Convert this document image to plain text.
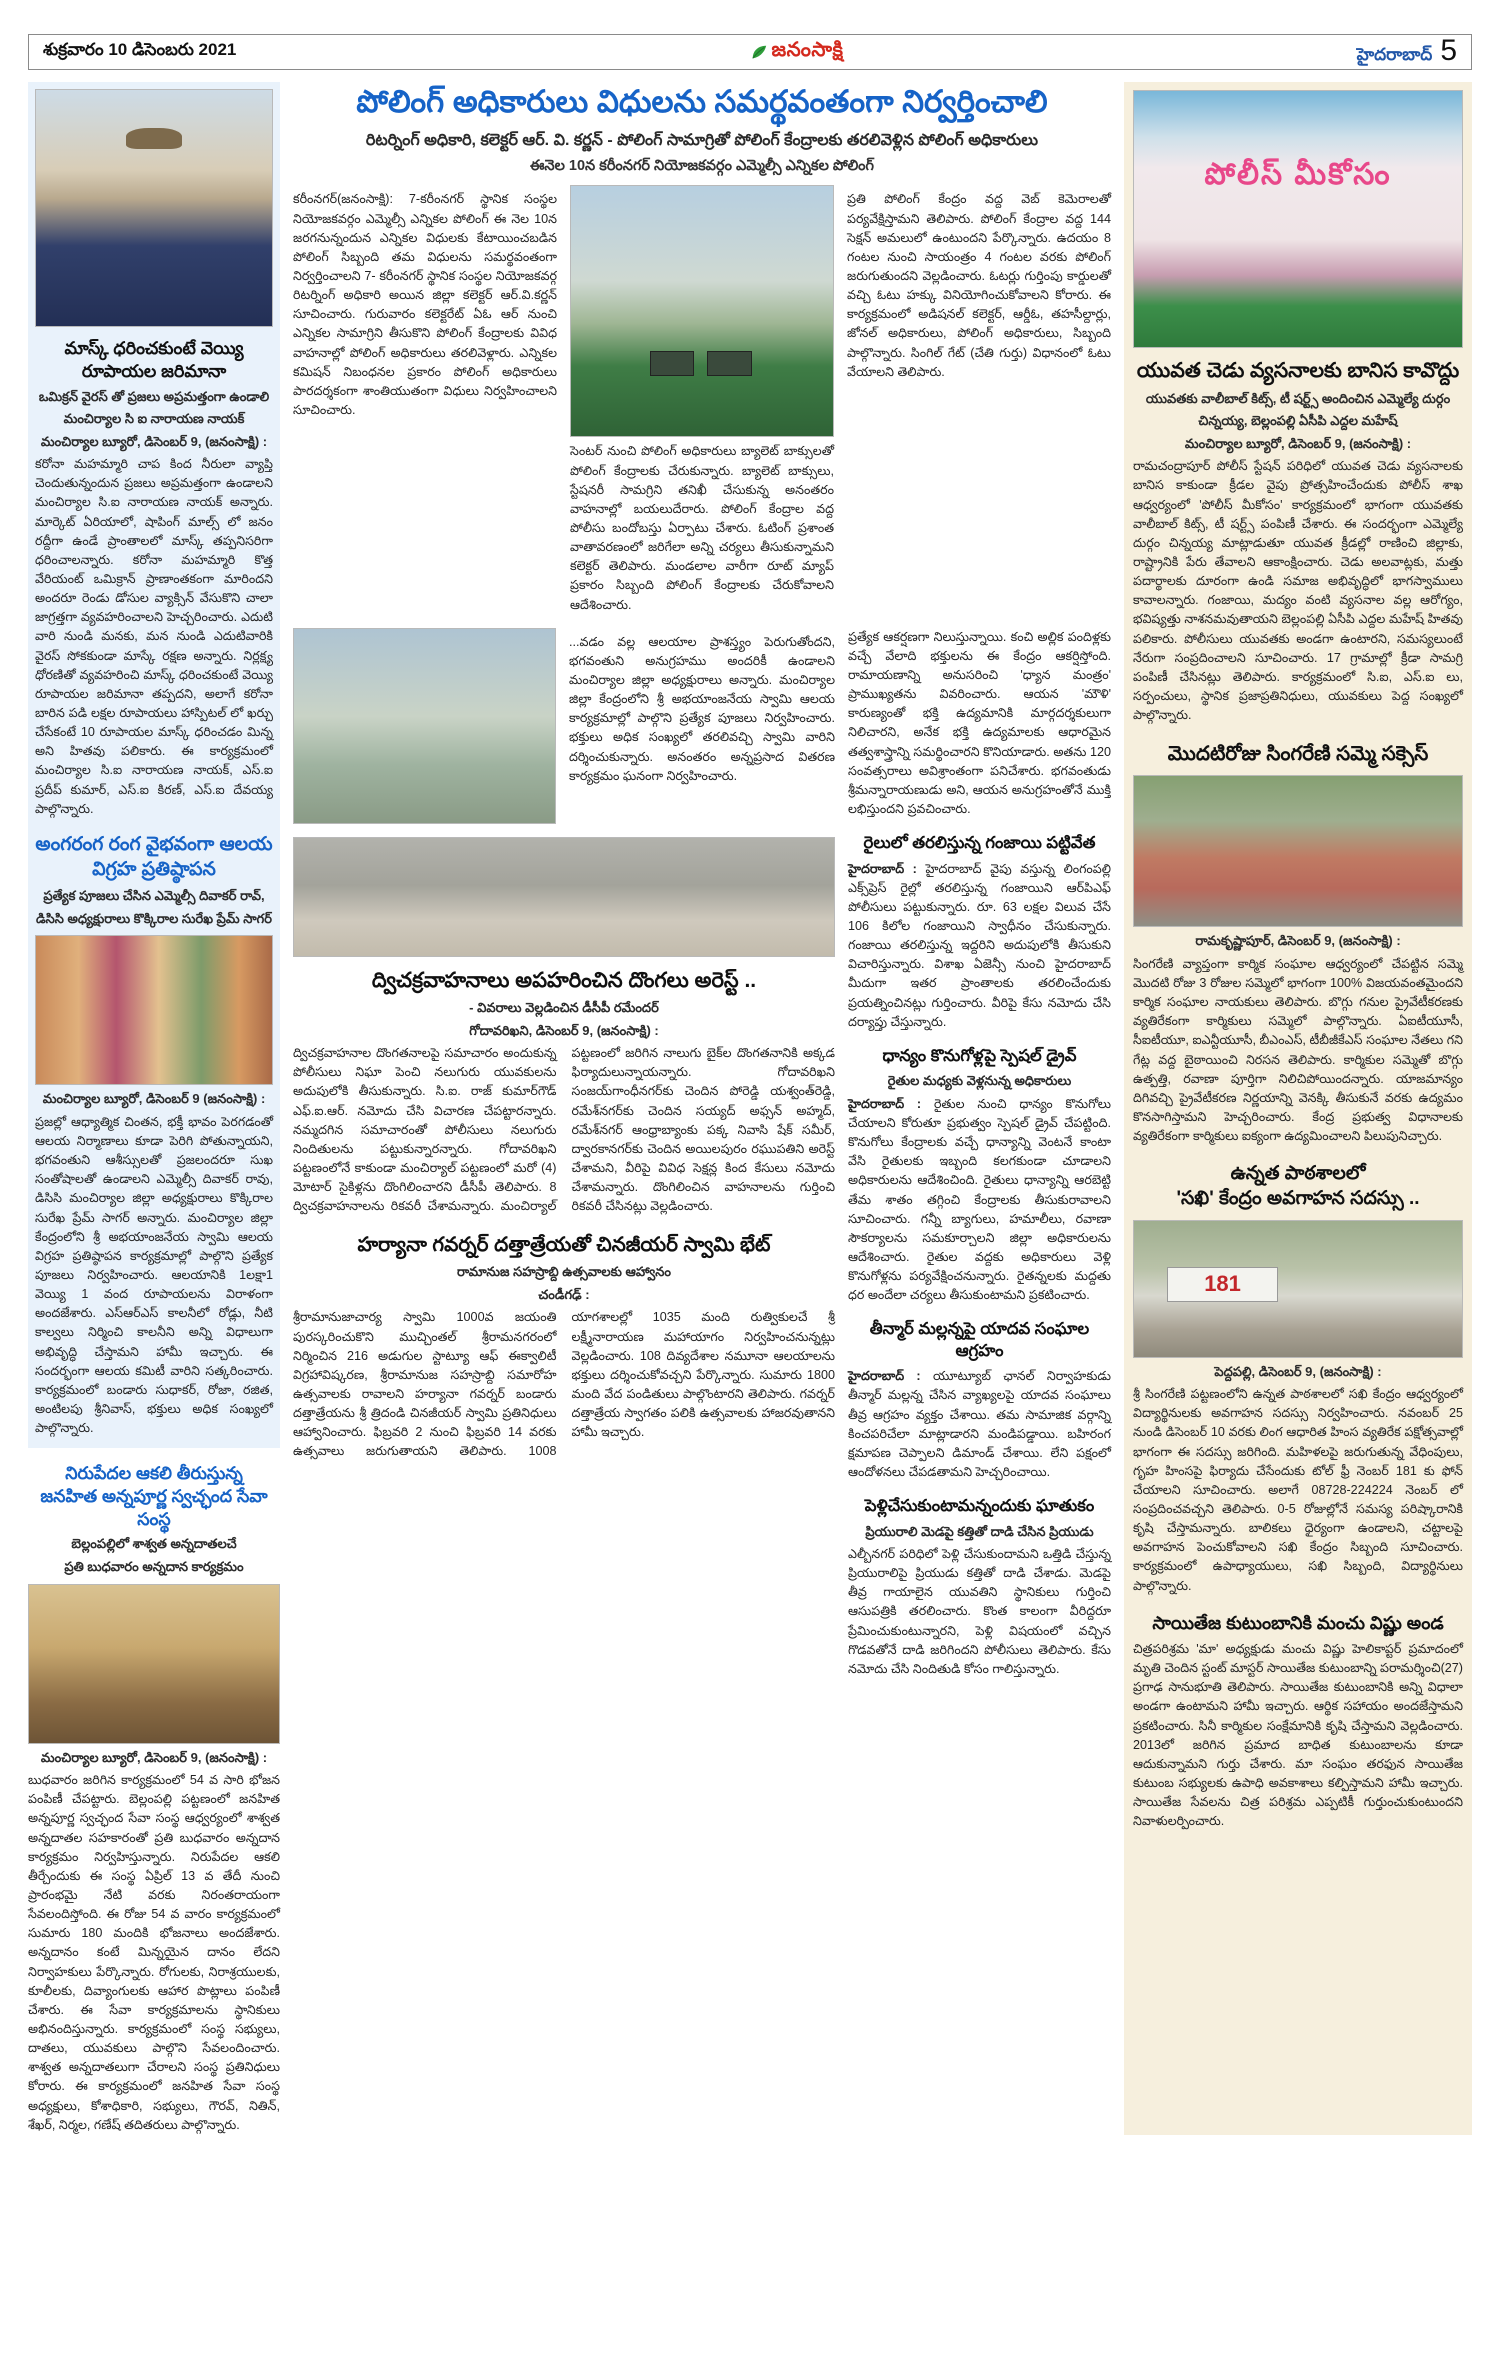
శుక్రవారం 10 డిసెంబరు 2021	జనంసాక్షి	హైదరాబాద్ 5
మాస్క్ ధరించకుంటే వెయ్యి రూపాయల జరిమానా
ఒమిక్రన్ వైరస్ తో ప్రజలు అప్రమత్తంగా ఉండాలి
మంచిర్యాల సి ఐ నారాయణ నాయక్
మంచిర్యాల బ్యూరో, డిసెంబర్ 9, (జనంసాక్షి) :
కరోనా మహమ్మారి చాప కింద నీరులా వ్యాప్తి చెందుతున్నందున ప్రజలు అప్రమత్తంగా ఉండాలని మంచిర్యాల సి.ఐ నారాయణ నాయక్ అన్నారు. మార్కెట్ ఏరియాలో, షాపింగ్ మాల్స్ లో జనం రద్దీగా ఉండే ప్రాంతాలలో మాస్క్ తప్పనిసరిగా ధరించాలన్నారు. కరోనా మహమ్మారి కొత్త వేరియంట్ ఒమిక్రాన్ ప్రాణాంతకంగా మారిందని అందరూ రెండు డోసుల వ్యాక్సిన్ వేసుకొని చాలా జాగ్రత్తగా వ్యవహరించాలని హెచ్చరించారు. ఎదుటి వారి నుండి మనకు, మన నుండి ఎదుటివారికి వైరస్ సోకకుండా మాస్కే రక్షణ అన్నారు. నిర్లక్ష్య ధోరణితో వ్యవహరించి మాస్క్ ధరించకుంటే వెయ్యి రూపాయల జరిమానా తప్పదని, అలాగే కరోనా బారిన పడి లక్షల రూపాయలు హాస్పిటల్ లో ఖర్చు చేసేకంటే 10 రూపాయల మాస్క్ ధరించడం మిన్న అని హితవు పలికారు. ఈ కార్యక్రమంలో మంచిర్యాల సి.ఐ నారాయణ నాయక్, ఎస్.ఐ ప్రదీప్ కుమార్, ఎస్.ఐ కిరణ్, ఎస్.ఐ దేవయ్య పాల్గొన్నారు.
అంగరంగ రంగ వైభవంగా ఆలయ విగ్రహ ప్రతిష్ఠాపన
ప్రత్యేక పూజలు చేసిన ఎమ్మెల్సీ దివాకర్ రావ్,
డిసిసి అధ్యక్షురాలు కొక్కిరాల సురేఖ ప్రేమ్ సాగర్
మంచిర్యాల బ్యూరో, డిసెంబర్ 9 (జనంసాక్షి) :
ప్రజల్లో ఆధ్యాత్మిక చింతన, భక్తీ భావం పెరగడంతో ఆలయ నిర్మాణాలు కూడా పెరిగి పోతున్నాయని, భగవంతుని ఆశీస్సులతో ప్రజలందరూ సుఖ సంతోషాలతో ఉండాలని ఎమ్మెల్సీ దివాకర్ రావు, డిసిసి మంచిర్యాల జిల్లా అధ్యక్షురాలు కొక్కిరాల సురేఖ ప్రేమ్ సాగర్ అన్నారు. మంచిర్యాల జిల్లా కేంద్రంలోని శ్రీ అభయాంజనేయ స్వామి ఆలయ విగ్రహ ప్రతిష్ఠాపన కార్యక్రమాల్లో పాల్గొని ప్రత్యేక పూజలు నిర్వహించారు. ఆలయానికి 1లక్షా1 వెయ్యి 1 వంద రూపాయలను విరాళంగా అందజేశారు. ఎస్ఆర్ఎస్ కాలనీలో రోడ్లు, నీటి కాల్వలు నిర్మించి కాలనీని అన్ని విధాలుగా అభివృద్ధి చేస్తామని హామీ ఇచ్చారు. ఈ సందర్భంగా ఆలయ కమిటీ వారిని సత్కరించారు. కార్యక్రమంలో బండారు సుధాకర్, రోజా, రజిత, అంటిలపు శ్రీనివాస్, భక్తులు అధిక సంఖ్యలో పాల్గొన్నారు.
నిరుపేదల ఆకలి తీరుస్తున్న
జనహిత అన్నపూర్ణ స్వచ్ఛంద సేవా సంస్థ
బెల్లంపల్లిలో శాశ్వత అన్నదాతలచే
ప్రతి బుధవారం అన్నదాన కార్యక్రమం
మంచిర్యాల బ్యూరో, డిసెంబర్ 9, (జనంసాక్షి) :
బుధవారం జరిగిన కార్యక్రమంలో 54 వ సారి భోజన పంపిణీ చేపట్టారు. బెల్లంపల్లి పట్టణంలో జనహిత అన్నపూర్ణ స్వచ్ఛంద సేవా సంస్థ ఆధ్వర్యంలో శాశ్వత అన్నదాతల సహకారంతో ప్రతి బుధవారం అన్నదాన కార్యక్రమం నిర్వహిస్తున్నారు. నిరుపేదల ఆకలి తీర్చేందుకు ఈ సంస్థ ఏప్రిల్ 13 వ తేదీ నుంచి ప్రారంభమై నేటి వరకు నిరంతరాయంగా సేవలందిస్తోంది. ఈ రోజు 54 వ వారం కార్యక్రమంలో సుమారు 180 మందికి భోజనాలు అందజేశారు. అన్నదానం కంటే మిన్నయైన దానం లేదని నిర్వాహకులు పేర్కొన్నారు. రోగులకు, నిరాశ్రయులకు, కూలీలకు, దివ్యాంగులకు ఆహార పొట్లాలు పంపిణీ చేశారు. ఈ సేవా కార్యక్రమాలను స్థానికులు అభినందిస్తున్నారు. కార్యక్రమంలో సంస్థ సభ్యులు, దాతలు, యువకులు పాల్గొని సేవలందించారు. శాశ్వత అన్నదాతలుగా చేరాలని సంస్థ ప్రతినిధులు కోరారు. ఈ కార్యక్రమంలో జనహిత సేవా సంస్థ అధ్యక్షులు, కోశాధికారి, సభ్యులు, గౌరవ్, నితిన్, శేఖర్, నిర్మల, గణేష్ తదితరులు పాల్గొన్నారు.
పోలింగ్ అధికారులు విధులను సమర్థవంతంగా నిర్వర్తించాలి
రిటర్నింగ్ అధికారి, కలెక్టర్ ఆర్. వి. కర్ణన్ - పోలింగ్ సామాగ్రితో పోలింగ్ కేంద్రాలకు తరలివెళ్లిన పోలింగ్ అధికారులు
ఈనెల 10న కరీంనగర్ నియోజకవర్గం ఎమ్మెల్సీ ఎన్నికల పోలింగ్
కరీంనగర్(జనంసాక్షి): 7-కరీంనగర్ స్థానిక సంస్థల నియోజకవర్గం ఎమ్మెల్సీ ఎన్నికల పోలింగ్ ఈ నెల 10న జరగనున్నందున ఎన్నికల విధులకు కేటాయించబడిన పోలింగ్ సిబ్బంది తమ విధులను సమర్థవంతంగా నిర్వర్తించాలని 7- కరీంనగర్ స్థానిక సంస్థల నియోజకవర్గ రిటర్నింగ్ అధికారి అయిన జిల్లా కలెక్టర్ ఆర్.వి.కర్ణన్ సూచించారు. గురువారం కలెక్టరేట్ ఏఓ ఆర్ నుంచి ఎన్నికల సామాగ్రిని తీసుకొని పోలింగ్ కేంద్రాలకు వివిధ వాహనాల్లో పోలింగ్ అధికారులు తరలివెళ్లారు. ఎన్నికల కమిషన్ నిబంధనల ప్రకారం పోలింగ్ అధికారులు పారదర్శకంగా శాంతియుతంగా విధులు నిర్వహించాలని సూచించారు.
సెంటర్ నుంచి పోలింగ్ అధికారులు బ్యాలెట్ బాక్సులతో పోలింగ్ కేంద్రాలకు చేరుకున్నారు. బ్యాలెట్ బాక్సులు, స్టేషనరీ సామగ్రిని తనిఖీ చేసుకున్న అనంతరం వాహనాల్లో బయలుదేరారు. పోలింగ్ కేంద్రాల వద్ద పోలీసు బందోబస్తు ఏర్పాటు చేశారు. ఓటింగ్ ప్రశాంత వాతావరణంలో జరిగేలా అన్ని చర్యలు తీసుకున్నామని కలెక్టర్ తెలిపారు. మండలాల వారీగా రూట్ మ్యాప్ ప్రకారం సిబ్బంది పోలింగ్ కేంద్రాలకు చేరుకోవాలని ఆదేశించారు.
ప్రతి పోలింగ్ కేంద్రం వద్ద వెబ్ కెమెరాలతో పర్యవేక్షిస్తామని తెలిపారు. పోలింగ్ కేంద్రాల వద్ద 144 సెక్షన్ అమలులో ఉంటుందని పేర్కొన్నారు. ఉదయం 8 గంటల నుంచి సాయంత్రం 4 గంటల వరకు పోలింగ్ జరుగుతుందని వెల్లడించారు. ఓటర్లు గుర్తింపు కార్డులతో వచ్చి ఓటు హక్కు వినియోగించుకోవాలని కోరారు. ఈ కార్యక్రమంలో అడిషనల్ కలెక్టర్, ఆర్డీఓ, తహసీల్దార్లు, జోనల్ అధికారులు, పోలింగ్ అధికారులు, సిబ్బంది పాల్గొన్నారు. సింగిల్ గేట్ (చేతి గుర్తు) విధానంలో ఓటు వేయాలని తెలిపారు.
...వడం వల్ల ఆలయాల ప్రాశస్త్యం పెరుగుతోందని, భగవంతుని అనుగ్రహము అందరికీ ఉండాలని మంచిర్యాల జిల్లా అధ్యక్షురాలు అన్నారు. మంచిర్యాల జిల్లా కేంద్రంలోని శ్రీ అభయాంజనేయ స్వామి ఆలయ కార్యక్రమాల్లో పాల్గొని ప్రత్యేక పూజలు నిర్వహించారు. భక్తులు అధిక సంఖ్యలో తరలివచ్చి స్వామి వారిని దర్శించుకున్నారు. అనంతరం అన్నప్రసాద వితరణ కార్యక్రమం ఘనంగా నిర్వహించారు.
ద్విచక్రవాహనాలు అపహరించిన దొంగలు అరెస్ట్ ..
- వివరాలు వెల్లడించిన డీసీపీ రమేందర్
గోదావరిఖని, డిసెంబర్ 9, (జనంసాక్షి) :
ద్విచక్రవాహనాల దొంగతనాలపై సమాచారం అందుకున్న పోలీసులు నిఘా పెంచి నలుగురు యువకులను అదుపులోకి తీసుకున్నారు. సి.ఐ. రాజ్ కుమార్‌గౌడ్ ఎఫ్.ఐ.ఆర్. నమోదు చేసి విచారణ చేపట్టారన్నారు. నమ్మదగిన సమాచారంతో పోలీసులు నలుగురు నిందితులను పట్టుకున్నారన్నారు. గోదావరిఖని పట్టణంలోనే కాకుండా మంచిర్యాల్ పట్టణంలో మరో (4) మోటార్ సైకిళ్లను దొంగిలించారని డీసీపీ తెలిపారు. 8 ద్విచక్రవాహనాలను రికవరీ చేశామన్నారు. మంచిర్యాల్ పట్టణంలో జరిగిన నాలుగు బైక్‌ల దొంగతనానికి అక్కడ ఫిర్యాదులున్నాయన్నారు. గోదావరిఖని సంజయ్‌గాంధీనగర్‌కు చెందిన పోరెడ్డి యశ్వంత్‌రెడ్డి, రమేశ్‌నగర్‌కు చెందిన సయ్యద్ అఫ్సన్ అహ్మద్, రమేశ్‌నగర్ ఆంధ్రాబ్యాంకు పక్క నివాసి షేక్ సమీర్, ద్వారకానగర్‌కు చెందిన అయిలపురం రఘుపతిని అరెస్ట్ చేశామని, వీరిపై వివిధ సెక్షన్ల కింద కేసులు నమోదు చేశామన్నారు. దొంగిలించిన వాహనాలను గుర్తించి రికవరీ చేసినట్లు వెల్లడించారు.
హర్యానా గవర్నర్ దత్తాత్రేయతో చినజీయర్ స్వామి భేట్
రామానుజ సహస్రాబ్ది ఉత్సవాలకు ఆహ్వానం
చండీగఢ్ :
శ్రీరామానుజాచార్య స్వామి 1000వ జయంతి పురస్కరించుకొని ముచ్చింతల్ శ్రీరామనగరంలో నిర్మించిన 216 అడుగుల స్టాట్యూ ఆఫ్ ఈక్వాలిటీ విగ్రహావిష్కరణ, శ్రీరామానుజ సహస్రాబ్ది సమారోహ ఉత్సవాలకు రావాలని హర్యానా గవర్నర్ బండారు దత్తాత్రేయను శ్రీ త్రిదండి చినజీయర్ స్వామి ప్రతినిధులు ఆహ్వానించారు. ఫిబ్రవరి 2 నుంచి ఫిబ్రవరి 14 వరకు ఉత్సవాలు జరుగుతాయని తెలిపారు. 1008 యాగశాలల్లో 1035 మంది రుత్వికులచే శ్రీ లక్ష్మీనారాయణ మహాయాగం నిర్వహించనున్నట్లు వెల్లడించారు. 108 దివ్యదేశాల నమూనా ఆలయాలను భక్తులు దర్శించుకోవచ్చని పేర్కొన్నారు. సుమారు 1800 మంది వేద పండితులు పాల్గొంటారని తెలిపారు. గవర్నర్ దత్తాత్రేయ స్వాగతం పలికి ఉత్సవాలకు హాజరవుతానని హామీ ఇచ్చారు.
ప్రత్యేక ఆకర్షణగా నిలుస్తున్నాయి. కంచి అల్లిక పందిళ్లకు వచ్చే వేలాది భక్తులను ఈ కేంద్రం ఆకర్షిస్తోంది. రామాయణాన్ని అనుసరించి 'ధ్యాన మంత్రం' ప్రాముఖ్యతను వివరించారు. ఆయన 'మౌళి' కారుణ్యంతో భక్తి ఉద్యమానికి మార్గదర్శకులుగా నిలిచారని, అనేక భక్తి ఉద్యమాలకు ఆధారమైన తత్వశాస్త్రాన్ని సమర్థించారని కొనియాడారు. అతను 120 సంవత్సరాలు అవిశ్రాంతంగా పనిచేశారు. భగవంతుడు శ్రీమన్నారాయణుడు అని, ఆయన అనుగ్రహంతోనే ముక్తి లభిస్తుందని ప్రవచించారు.
రైలులో తరలిస్తున్న గంజాయి పట్టివేత
హైదరాబాద్ : హైదరాబాద్ వైపు వస్తున్న లింగంపల్లి ఎక్స్‌ప్రెస్ రైల్లో తరలిస్తున్న గంజాయిని ఆర్‌పిఎఫ్ పోలీసులు పట్టుకున్నారు. రూ. 63 లక్షల విలువ చేసే 106 కిలోల గంజాయిని స్వాధీనం చేసుకున్నారు. గంజాయి తరలిస్తున్న ఇద్దరిని అదుపులోకి తీసుకుని విచారిస్తున్నారు. విశాఖ ఏజెన్సీ నుంచి హైదరాబాద్ మీదుగా ఇతర ప్రాంతాలకు తరలించేందుకు ప్రయత్నించినట్లు గుర్తించారు. వీరిపై కేసు నమోదు చేసి దర్యాప్తు చేస్తున్నారు.
ధాన్యం కొనుగోళ్లపై స్పెషల్ డ్రైవ్
రైతుల మధ్యకు వెళ్లనున్న అధికారులు
హైదరాబాద్ : రైతుల నుంచి ధాన్యం కొనుగోలు చేయాలని కోరుతూ ప్రభుత్వం స్పెషల్ డ్రైవ్ చేపట్టింది. కొనుగోలు కేంద్రాలకు వచ్చే ధాన్యాన్ని వెంటనే కాంటా వేసి రైతులకు ఇబ్బంది కలగకుండా చూడాలని అధికారులను ఆదేశించింది. రైతులు ధాన్యాన్ని ఆరబెట్టి తేమ శాతం తగ్గించి కేంద్రాలకు తీసుకురావాలని సూచించారు. గన్నీ బ్యాగులు, హమాలీలు, రవాణా సౌకర్యాలను సమకూర్చాలని జిల్లా అధికారులను ఆదేశించారు. రైతుల వద్దకు అధికారులు వెళ్లి కొనుగోళ్లను పర్యవేక్షించనున్నారు. రైతన్నలకు మద్దతు ధర అందేలా చర్యలు తీసుకుంటామని ప్రకటించారు.
తీన్మార్ మల్లన్నపై యాదవ సంఘాల ఆగ్రహం
హైదరాబాద్ : యూట్యూబ్ ఛానల్ నిర్వాహకుడు తీన్మార్ మల్లన్న చేసిన వ్యాఖ్యలపై యాదవ సంఘాలు తీవ్ర ఆగ్రహం వ్యక్తం చేశాయి. తమ సామాజిక వర్గాన్ని కించపరిచేలా మాట్లాడారని మండిపడ్డాయి. బహిరంగ క్షమాపణ చెప్పాలని డిమాండ్ చేశాయి. లేని పక్షంలో ఆందోళనలు చేపడతామని హెచ్చరించాయి.
పెళ్లిచేసుకుంటామన్నందుకు ఘాతుకం
ప్రియురాలి మెడపై కత్తితో దాడి చేసిన ప్రియుడు
ఎల్బీనగర్ పరిధిలో పెళ్లి చేసుకుందామని ఒత్తిడి చేస్తున్న ప్రియురాలిపై ప్రియుడు కత్తితో దాడి చేశాడు. మెడపై తీవ్ర గాయాలైన యువతిని స్థానికులు గుర్తించి ఆసుపత్రికి తరలించారు. కొంత కాలంగా వీరిద్దరూ ప్రేమించుకుంటున్నారని, పెళ్లి విషయంలో వచ్చిన గొడవతోనే దాడి జరిగిందని పోలీసులు తెలిపారు. కేసు నమోదు చేసి నిందితుడి కోసం గాలిస్తున్నారు.
పోలీస్ మీకోసం
యువత చెడు వ్యసనాలకు బానిస కావొద్దు
యువతకు వాలీబాల్ కిట్స్, టీ షర్ట్స్ అందించిన ఎమ్మెల్యే దుర్గం
చిన్నయ్య, బెల్లంపల్లి ఏసీపి ఎద్దల మహేష్
మంచిర్యాల బ్యూరో, డిసెంబర్ 9, (జనంసాక్షి) :
రామచంద్రాపూర్ పోలీస్ స్టేషన్ పరిధిలో యువత చెడు వ్యసనాలకు బానిస కాకుండా క్రీడల వైపు ప్రోత్సహించేందుకు పోలీస్ శాఖ ఆధ్వర్యంలో 'పోలీస్ మీకోసం' కార్యక్రమంలో భాగంగా యువతకు వాలీబాల్ కిట్స్, టీ షర్ట్స్ పంపిణీ చేశారు. ఈ సందర్భంగా ఎమ్మెల్యే దుర్గం చిన్నయ్య మాట్లాడుతూ యువత క్రీడల్లో రాణించి జిల్లాకు, రాష్ట్రానికి పేరు తేవాలని ఆకాంక్షించారు. చెడు అలవాట్లకు, మత్తు పదార్థాలకు దూరంగా ఉండి సమాజ అభివృద్ధిలో భాగస్వాములు కావాలన్నారు. గంజాయి, మద్యం వంటి వ్యసనాల వల్ల ఆరోగ్యం, భవిష్యత్తు నాశనమవుతాయని బెల్లంపల్లి ఏసీపి ఎద్దల మహేష్ హితవు పలికారు. పోలీసులు యువతకు అండగా ఉంటారని, సమస్యలుంటే నేరుగా సంప్రదించాలని సూచించారు. 17 గ్రామాల్లో క్రీడా సామగ్రి పంపిణీ చేసినట్లు తెలిపారు. కార్యక్రమంలో సి.ఐ, ఎస్.ఐ లు, సర్పంచులు, స్థానిక ప్రజాప్రతినిధులు, యువకులు పెద్ద సంఖ్యలో పాల్గొన్నారు.
మొదటిరోజు సింగరేణి సమ్మె సక్సెస్
రామకృష్ణాపూర్, డిసెంబర్ 9, (జనంసాక్షి) :
సింగరేణి వ్యాప్తంగా కార్మిక సంఘాల ఆధ్వర్యంలో చేపట్టిన సమ్మె మొదటి రోజు 3 రోజుల సమ్మెలో భాగంగా 100% విజయవంతమైందని కార్మిక సంఘాల నాయకులు తెలిపారు. బొగ్గు గనుల ప్రైవేటీకరణకు వ్యతిరేకంగా కార్మికులు సమ్మెలో పాల్గొన్నారు. ఏఐటీయూసీ, సీఐటీయూ, ఐఎన్టీయూసీ, బీఎంఎస్, టీబీజీకేఎస్ సంఘాల నేతలు గని గేట్ల వద్ద బైఠాయించి నిరసన తెలిపారు. కార్మికుల సమ్మెతో బొగ్గు ఉత్పత్తి, రవాణా పూర్తిగా నిలిచిపోయిందన్నారు. యాజమాన్యం దిగివచ్చి ప్రైవేటీకరణ నిర్ణయాన్ని వెనక్కి తీసుకునే వరకు ఉద్యమం కొనసాగిస్తామని హెచ్చరించారు. కేంద్ర ప్రభుత్వ విధానాలకు వ్యతిరేకంగా కార్మికులు ఐక్యంగా ఉద్యమించాలని పిలుపునిచ్చారు.
ఉన్నత పాఠశాలలో
'సఖి' కేంద్రం అవగాహన సదస్సు ..
181
పెద్దపల్లి, డిసెంబర్ 9, (జనంసాక్షి) :
శ్రీ సింగరేణి పట్టణంలోని ఉన్నత పాఠశాలలో సఖి కేంద్రం ఆధ్వర్యంలో విద్యార్థినులకు అవగాహన సదస్సు నిర్వహించారు. నవంబర్ 25 నుండి డిసెంబర్ 10 వరకు లింగ ఆధారిత హింస వ్యతిరేక పక్షోత్సవాల్లో భాగంగా ఈ సదస్సు జరిగింది. మహిళలపై జరుగుతున్న వేధింపులు, గృహ హింసపై ఫిర్యాదు చేసేందుకు టోల్ ఫ్రీ నెంబర్ 181 కు ఫోన్ చేయాలని సూచించారు. అలాగే 08728-224224 నెంబర్ లో సంప్రదించవచ్చని తెలిపారు. 0-5 రోజుల్లోనే సమస్య పరిష్కారానికి కృషి చేస్తామన్నారు. బాలికలు ధైర్యంగా ఉండాలని, చట్టాలపై అవగాహన పెంచుకోవాలని సఖి కేంద్రం సిబ్బంది సూచించారు. కార్యక్రమంలో ఉపాధ్యాయులు, సఖి సిబ్బంది, విద్యార్థినులు పాల్గొన్నారు.
సాయితేజ కుటుంబానికి మంచు విష్ణు అండ
చిత్రపరిశ్రమ 'మా' అధ్యక్షుడు మంచు విష్ణు హెలికాప్టర్ ప్రమాదంలో మృతి చెందిన స్టంట్ మాస్టర్ సాయితేజ కుటుంబాన్ని పరామర్శించి(27) ప్రగాఢ సానుభూతి తెలిపారు. సాయితేజ కుటుంబానికి అన్ని విధాలా అండగా ఉంటామని హామీ ఇచ్చారు. ఆర్థిక సహాయం అందజేస్తామని ప్రకటించారు. సినీ కార్మికుల సంక్షేమానికి కృషి చేస్తామని వెల్లడించారు. 2013లో జరిగిన ప్రమాద బాధిత కుటుంబాలను కూడా ఆదుకున్నామని గుర్తు చేశారు. మా సంఘం తరఫున సాయితేజ కుటుంబ సభ్యులకు ఉపాధి అవకాశాలు కల్పిస్తామని హామీ ఇచ్చారు. సాయితేజ సేవలను చిత్ర పరిశ్రమ ఎప్పటికీ గుర్తుంచుకుంటుందని నివాళులర్పించారు.
